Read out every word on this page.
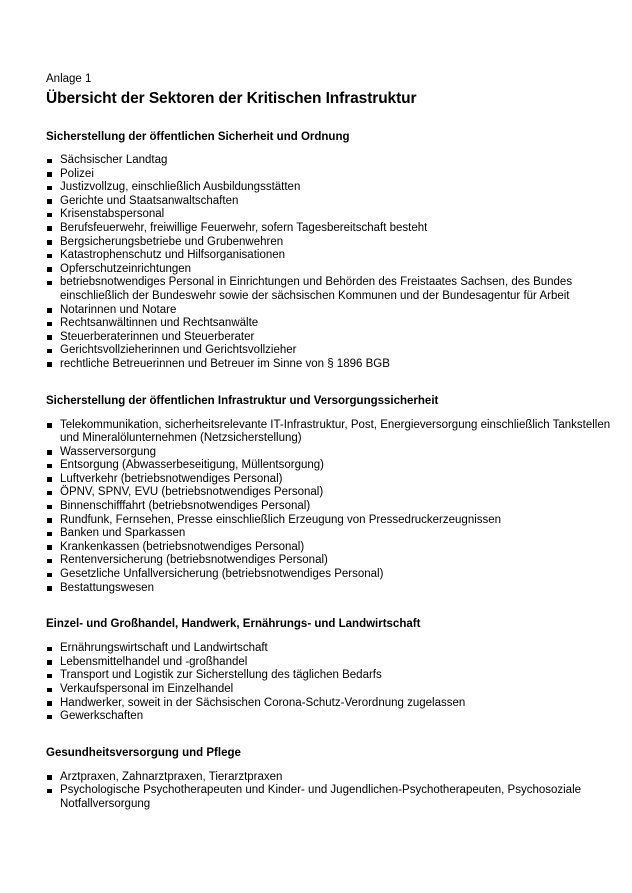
Anlage 1

Übersicht der Sektoren der Kritischen Infrastruktur
Sicherstellung der öffentlichen Sicherheit und Ordnung
Sächsischer Landtag
Polizei
Justizvollzug, einschließlich Ausbildungsstätten
Gerichte und Staatsanwaltschaften
Krisenstabspersonal
Berufsfeuerwehr, freiwillige Feuerwehr, sofern Tagesbereitschaft besteht
Bergsicherungsbetriebe und Grubenwehren
Katastrophenschutz und Hilfsorganisationen
Opferschutzeinrichtungen
betriebsnotwendiges Personal in Einrichtungen und Behörden des Freistaates Sachsen, des Bundes einschließlich der Bundeswehr sowie der sächsischen Kommunen und der Bundesagentur für Arbeit
Notarinnen und Notare
Rechtsanwältinnen und Rechtsanwälte
Steuerberaterinnen und Steuerberater
Gerichtsvollzieherinnen und Gerichtsvollzieher
rechtliche Betreuerinnen und Betreuer im Sinne von § 1896 BGB
Sicherstellung der öffentlichen Infrastruktur und Versorgungssicherheit
Telekommunikation, sicherheitsrelevante IT-Infrastruktur, Post, Energieversorgung einschließlich Tankstellen und Mineralölunternehmen (Netzsicherstellung)
Wasserversorgung
Entsorgung (Abwasserbeseitigung, Müllentsorgung)
Luftverkehr (betriebsnotwendiges Personal)
ÖPNV, SPNV, EVU (betriebsnotwendiges Personal)
Binnenschifffahrt (betriebsnotwendiges Personal)
Rundfunk, Fernsehen, Presse einschließlich Erzeugung von Pressedruckerzeugnissen
Banken und Sparkassen
Krankenkassen (betriebsnotwendiges Personal)
Rentenversicherung (betriebsnotwendiges Personal)
Gesetzliche Unfallversicherung (betriebsnotwendiges Personal)
Bestattungswesen
Einzel- und Großhandel, Handwerk, Ernährungs- und Landwirtschaft
Ernährungswirtschaft und Landwirtschaft
Lebensmittelhandel und -großhandel
Transport und Logistik zur Sicherstellung des täglichen Bedarfs
Verkaufspersonal im Einzelhandel
Handwerker, soweit in der Sächsischen Corona-Schutz-Verordnung zugelassen
Gewerkschaften
Gesundheitsversorgung und Pflege
Arztpraxen, Zahnarztpraxen, Tierarztpraxen
Psychologische Psychotherapeuten und Kinder- und Jugendlichen-Psychotherapeuten, Psychosoziale Notfallversorgung
